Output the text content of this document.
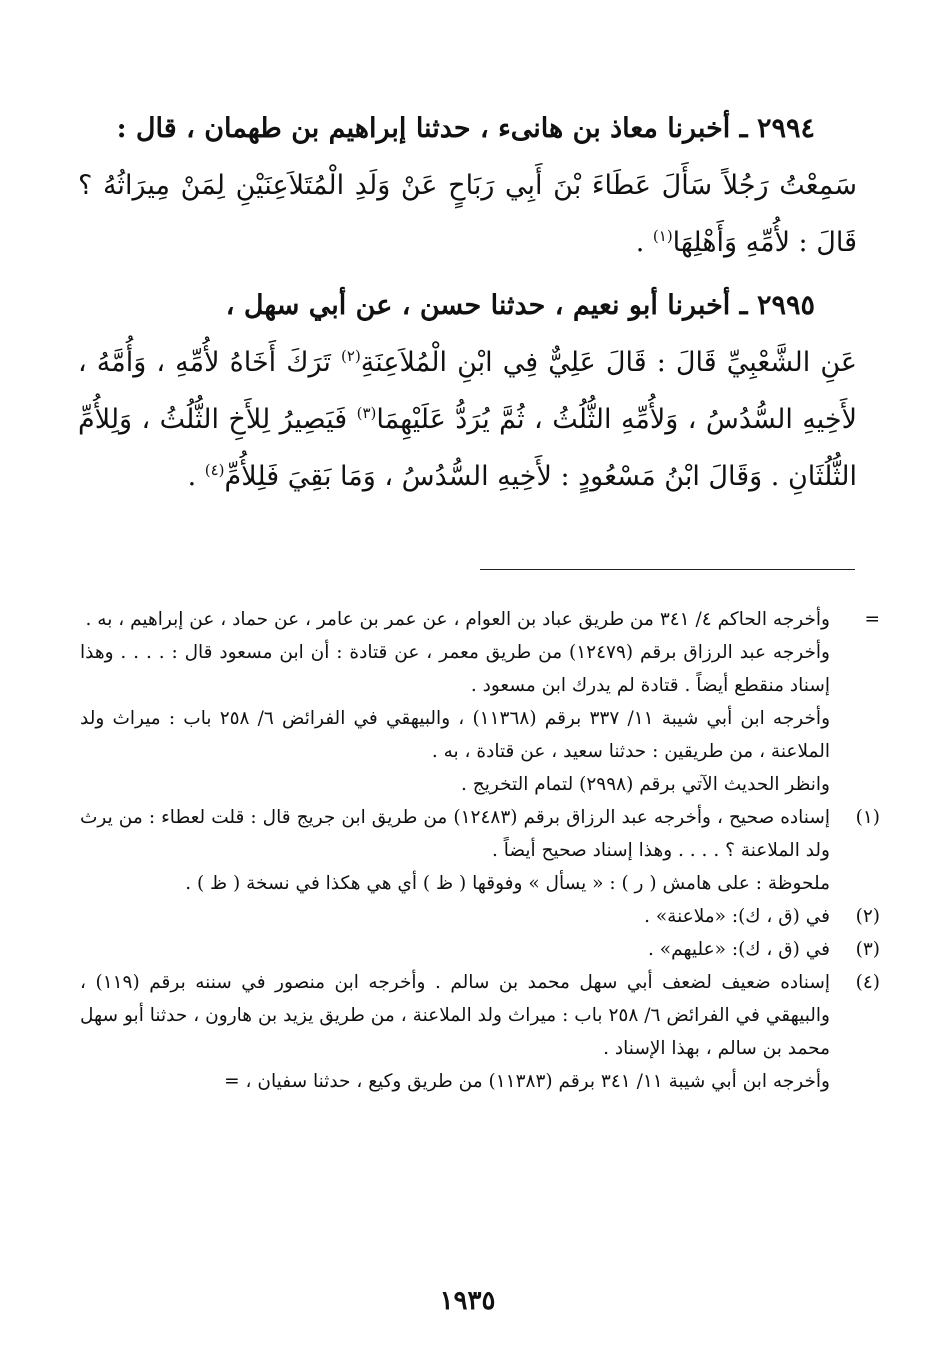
٢٩٩٤ ـ أخبرنا معاذ بن هانىء ، حدثنا إبراهيم بن طهمان ، قال :
سَمِعْتُ رَجُلاً سَأَلَ عَطَاءَ بْنَ أَبِي رَبَاحٍ عَنْ وَلَدِ الْمُتَلاَعِنَيْنِ لِمَنْ مِيرَاثُهُ ؟ قَالَ : لأُمِّهِ وَأَهْلِهَا$^{(١)}$ .
٢٩٩٥ ـ أخبرنا أبو نعيم ، حدثنا حسن ، عن أبي سهل ،
عَنِ الشَّعْبِيِّ قَالَ : قَالَ عَلِيٌّ فِي ابْنِ الْمُلاَعِنَةِ$^{(٢)}$ تَرَكَ أَخَاهُ لأُمِّهِ ، وَأُمَّهُ ، لأَخِيهِ السُّدُسُ ، وَلأُمِّهِ الثُّلُثُ ، ثُمَّ يُرَدُّ عَلَيْهِمَا$^{(٣)}$ فَيَصِيرُ لِلأَخِ الثُّلُثُ ، وَلِلأُمِّ الثُّلُثَانِ . وَقَالَ ابْنُ مَسْعُودٍ : لأَخِيهِ السُّدُسُ ، وَمَا بَقِيَ فَلِلأُمِّ$^{(٤)}$ .
=

وأخرجه الحاكم ٤/ ٣٤١ من طريق عباد بن العوام ، عن عمر بن عامر ، عن حماد ، عن إبراهيم ، به .

وأخرجه عبد الرزاق برقم (١٢٤٧٩) من طريق معمر ، عن قتادة : أن ابن مسعود قال : . . . . وهذا إسناد منقطع أيضاً . قتادة لم يدرك ابن مسعود .

وأخرجه ابن أبي شيبة ١١/ ٣٣٧ برقم (١١٣٦٨) ، والبيهقي في الفرائض ٦/ ٢٥٨ باب : ميراث ولد الملاعنة ، من طريقين : حدثنا سعيد ، عن قتادة ، به .

وانظر الحديث الآتي برقم (٢٩٩٨) لتمام التخريج .

(١)

إسناده صحيح ، وأخرجه عبد الرزاق برقم (١٢٤٨٣) من طريق ابن جريج قال : قلت لعطاء : من يرث ولد الملاعنة ؟ . . . . وهذا إسناد صحيح أيضاً .

ملحوظة : على هامش ( ر ) : « يسأل » وفوقها ( ظ ) أي هي هكذا في نسخة ( ظ ) .

(٢)

في (ق ، ك): «ملاعنة» .

(٣)

في (ق ، ك): «عليهم» .

(٤)

إسناده ضعيف لضعف أبي سهل محمد بن سالم . وأخرجه ابن منصور في سننه برقم (١١٩) ، والبيهقي في الفرائض ٦/ ٢٥٨ باب : ميراث ولد الملاعنة ، من طريق يزيد بن هارون ، حدثنا أبو سهل محمد بن سالم ، بهذا الإسناد .

وأخرجه ابن أبي شيبة ١١/ ٣٤١ برقم (١١٣٨٣) من طريق وكيع ، حدثنا سفيان ، =

١٩٣٥
